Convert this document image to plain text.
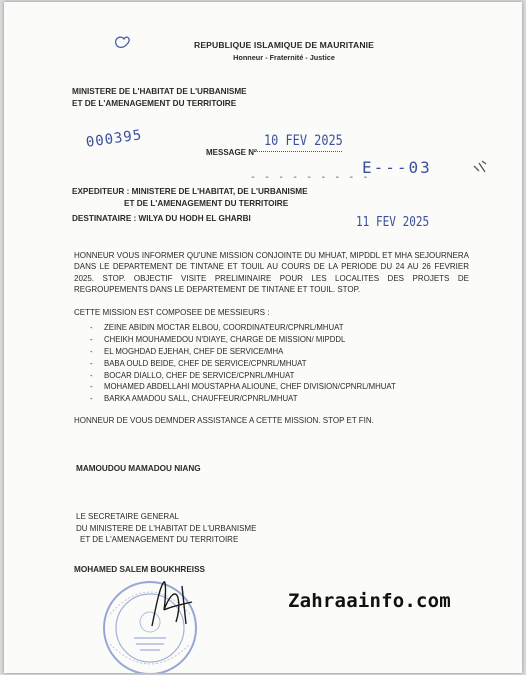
REPUBLIQUE ISLAMIQUE DE MAURITANIE
Honneur - Fraternité - Justice
MINISTERE DE L'HABITAT DE L'URBANISME
ET DE L'AMENAGEMENT DU TERRITOIRE
000395
MESSAGE N°
10 FEV 2025
- - - - - - - - -
E---03
EXPEDITEUR : MINISTERE DE L'HABITAT, DE L'URBANISME
ET DE L'AMENAGEMENT DU TERRITOIRE
DESTINATAIRE : WILYA DU HODH EL GHARBI	11 FEV 2025
HONNEUR VOUS INFORMER QU'UNE MISSION CONJOINTE DU MHUAT, MIPDDL ET MHA SEJOURNERA DANS LE DEPARTEMENT DE TINTANE ET TOUIL AU COURS DE LA PERIODE DU 24 AU 26 FEVRIER 2025. STOP. OBJECTIF VISITE PRELIMINAIRE POUR LES LOCALITES DES PROJETS DE REGROUPEMENTS DANS LE DEPARTEMENT DE TINTANE ET TOUIL. STOP.
CETTE MISSION EST COMPOSEE DE MESSIEURS :
- ZEINE ABIDIN MOCTAR ELBOU, COORDINATEUR/CPNRL/MHUAT
- CHEIKH MOUHAMEDOU N'DIAYE, CHARGE DE MISSION/ MIPDDL
- EL MOGHDAD EJEHAH, CHEF DE SERVICE/MHA
- BABA OULD BEIDE, CHEF DE SERVICE/CPNRL/MHUAT
- BOCAR DIALLO, CHEF DE SERVICE/CPNRL/MHUAT
- MOHAMED ABDELLAHI MOUSTAPHA ALIOUNE, CHEF DIVISION/CPNRL/MHUAT
- BARKA AMADOU SALL, CHAUFFEUR/CPNRL/MHUAT
HONNEUR DE VOUS DEMNDER ASSISTANCE A CETTE MISSION. STOP ET FIN.
MAMOUDOU MAMADOU NIANG
LE SECRETAIRE GENERAL
DU MINISTERE DE L'HABITAT DE L'URBANISME
ET DE L'AMENAGEMENT DU TERRITOIRE
MOHAMED SALEM BOUKHREISS
Zahraainfo.com
